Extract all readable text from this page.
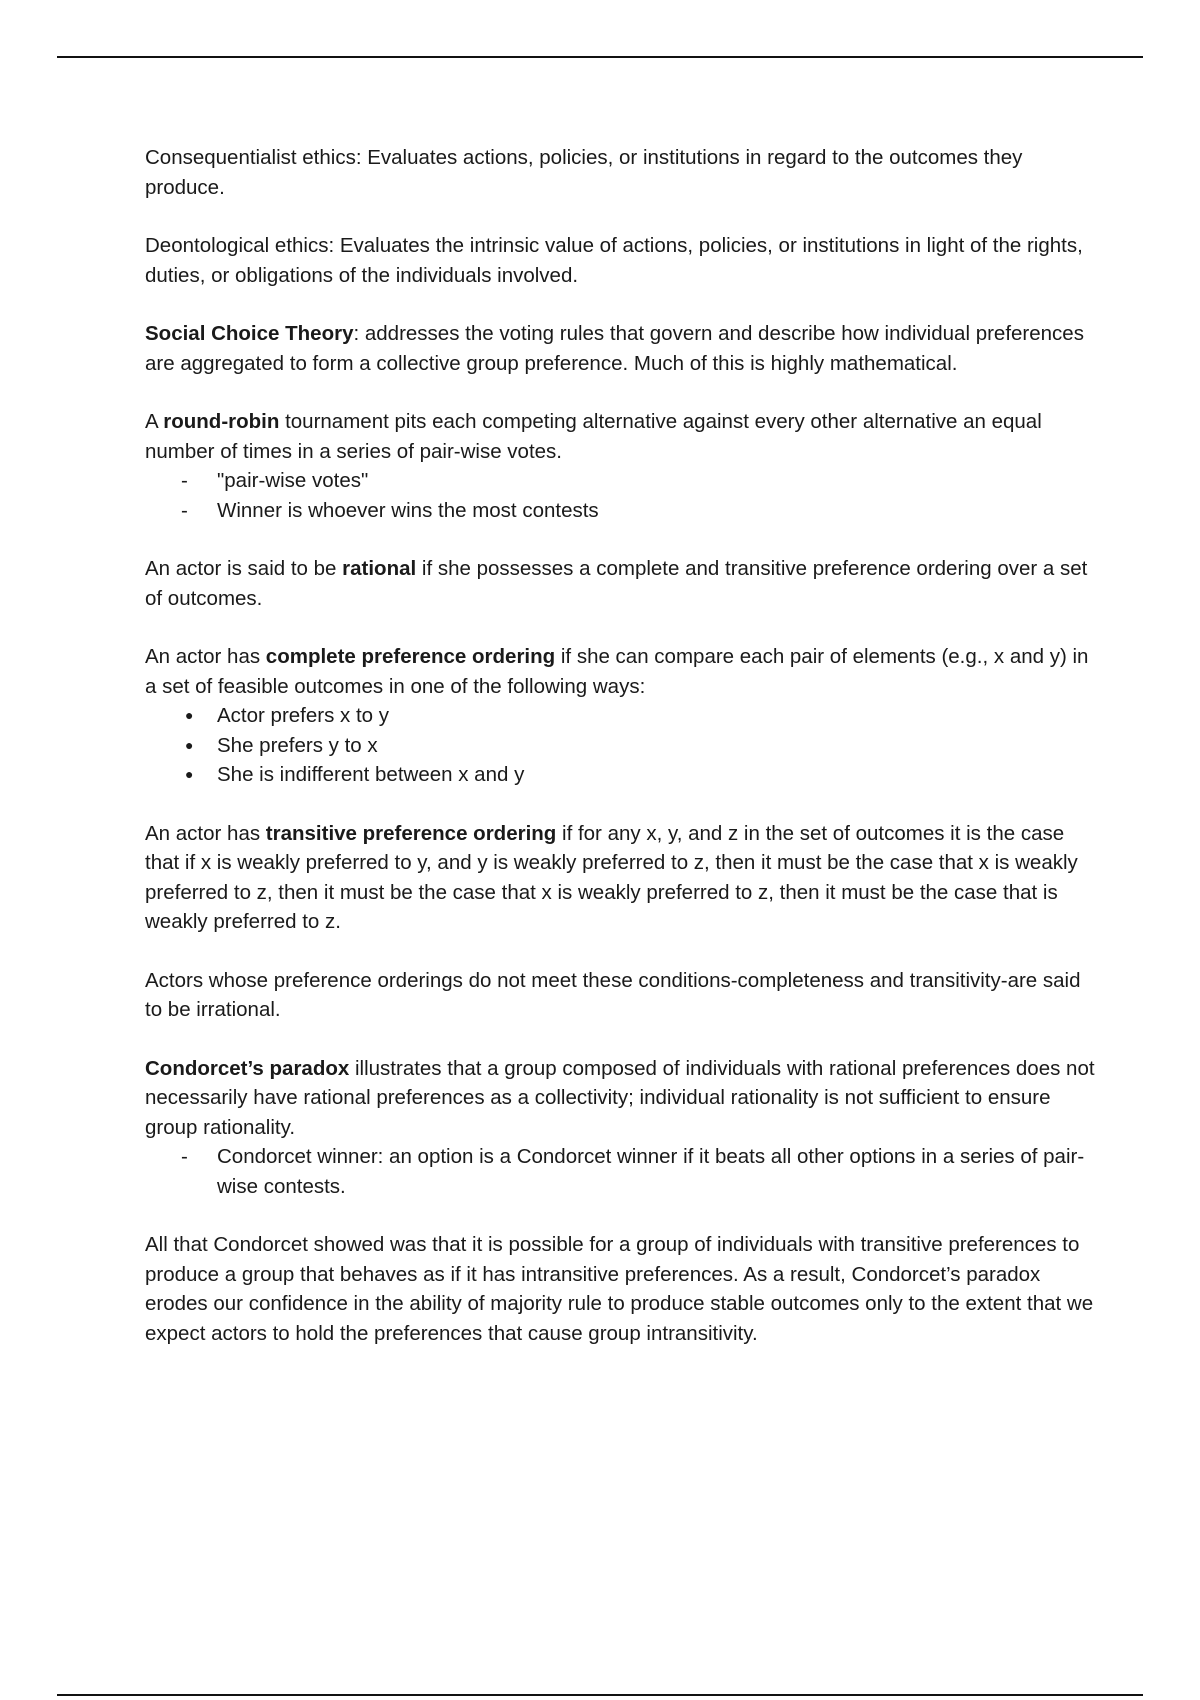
Consequentialist ethics: Evaluates actions, policies, or institutions in regard to the outcomes they produce.

Deontological ethics: Evaluates the intrinsic value of actions, policies, or institutions in light of the rights, duties, or obligations of the individuals involved.

Social Choice Theory: addresses the voting rules that govern and describe how individual preferences are aggregated to form a collective group preference. Much of this is highly mathematical.

A round-robin tournament pits each competing alternative against every other alternative an equal number of times in a series of pair-wise votes.

- "pair-wise votes"
- Winner is whoever wins the most contests

An actor is said to be rational if she possesses a complete and transitive preference ordering over a set of outcomes.

An actor has complete preference ordering if she can compare each pair of elements (e.g., x and y) in a set of feasible outcomes in one of the following ways:

● Actor prefers x to y
● She prefers y to x
● She is indifferent between x and y

An actor has transitive preference ordering if for any x, y, and z in the set of outcomes it is the case that if x is weakly preferred to y, and y is weakly preferred to z, then it must be the case that x is weakly preferred to z, then it must be the case that x is weakly preferred to z, then it must be the case that is weakly preferred to z.

Actors whose preference orderings do not meet these conditions-completeness and transitivity-are said to be irrational.

Condorcet’s paradox illustrates that a group composed of individuals with rational preferences does not necessarily have rational preferences as a collectivity; individual rationality is not sufficient to ensure group rationality.

- Condorcet winner: an option is a Condorcet winner if it beats all other options in a series of pair-wise contests.

All that Condorcet showed was that it is possible for a group of individuals with transitive preferences to produce a group that behaves as if it has intransitive preferences. As a result, Condorcet’s paradox erodes our confidence in the ability of majority rule to produce stable outcomes only to the extent that we expect actors to hold the preferences that cause group intransitivity.
